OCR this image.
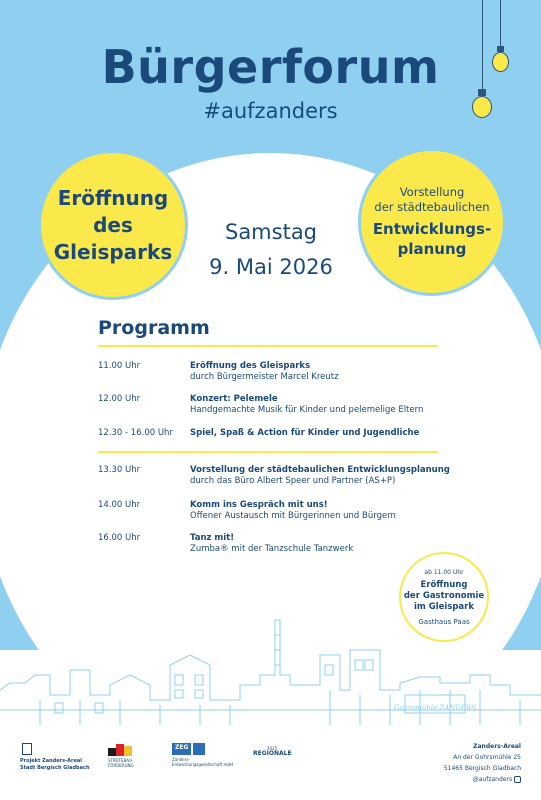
Bürgerforum
#aufzanders
Eröffnung
des
Gleisparks
Vorstellung
der städtebaulichen
Entwicklungs-
planung
Samstag
9. Mai 2026
Programm
11.00 Uhr	Eröffnung des Gleisparks
durch Bürgermeister Marcel Kreutz
12.00 Uhr	Konzert: Pelemele
Handgemachte Musik für Kinder und pelemelige Eltern
12.30 - 16.00 Uhr Spiel, Spaß & Action für Kinder und Jugendliche
13.30 Uhr	Vorstellung der städtebaulichen Entwicklungsplanung
durch das Büro Albert Speer und Partner (AS+P)
14.00 Uhr	Komm ins Gespräch mit uns!
Offener Austausch mit Bürgerinnen und Bürgern
16.00 Uhr	Tanz mit!
Zumba® mit der Tanzschule Tanzwerk
Gohrsmühle ZANDERS
ab 11.00 Uhr
Eröffnung
der Gastronomie
im Gleispark
Gasthaus Paas
Projekt Zanders-Areal
Stadt Bergisch Gladbach
STÄDTEBAU-
FÖRDERUNG
ZEG
Zanders-
Entwicklungsgesellschaft mbH
2025
REGIONALE
Zanders-Areal
An der Gohrsmühle 25
51465 Bergisch Gladbach
@aufzanders
